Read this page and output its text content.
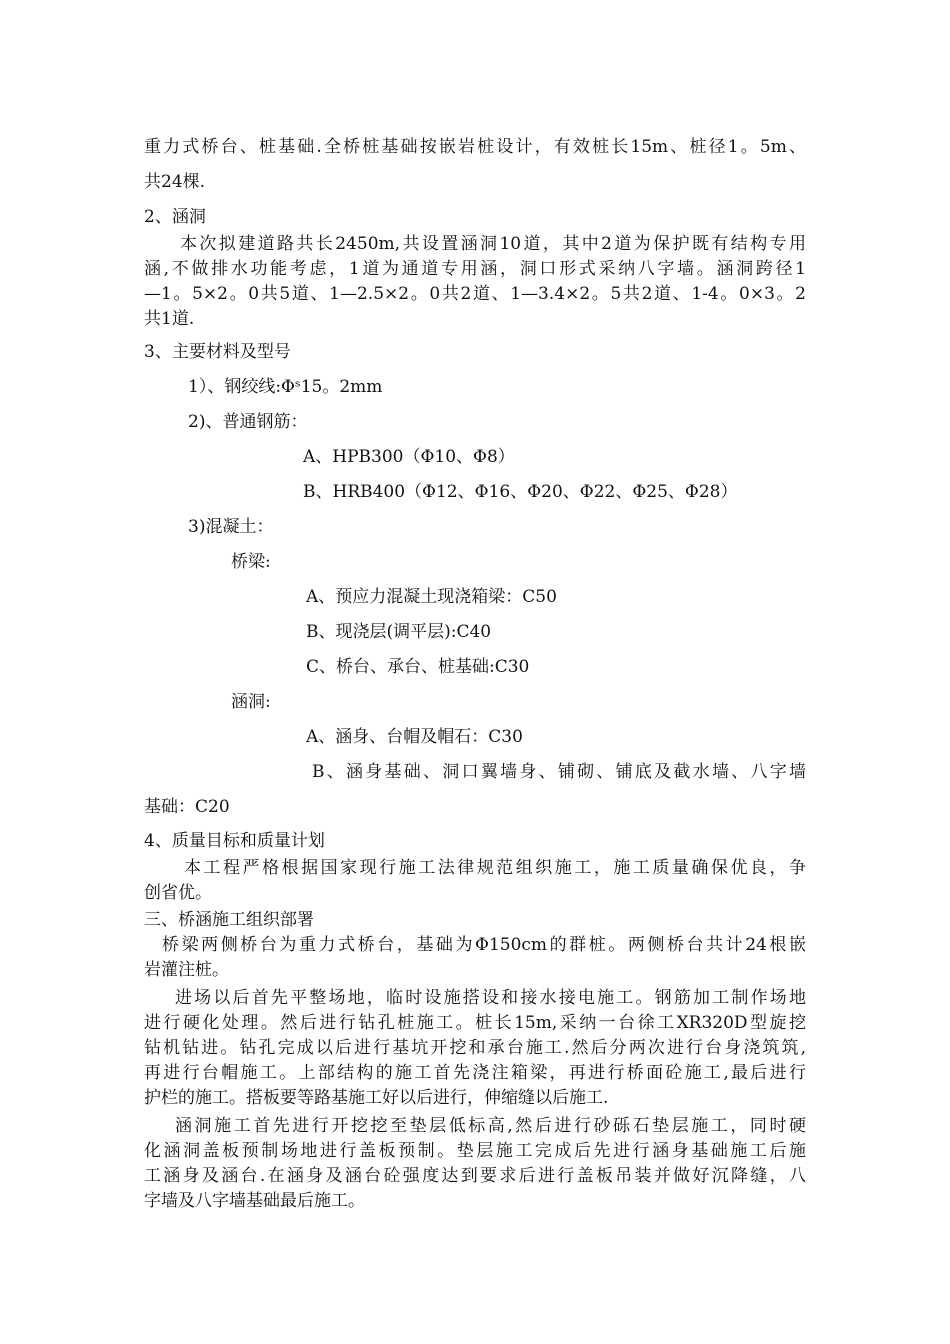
重力式桥台、桩基础.全桥桩基础按嵌岩桩设计，有效桩长15m、桩径1。5m、

共24棵.

2、涵洞

本次拟建道路共长2450m,共设置涵洞10道，其中2道为保护既有结构专用

涵,不做排水功能考虑，1道为通道专用涵，洞口形式采纳八字墙。涵洞跨径1

—1。5×2。0共5道、1—2.5×2。0共2道、1—3.4×2。5共2道、1-4。0×3。2

共1道.

3、主要材料及型号

1）、钢绞线:Φˢ15。2mm

2)、普通钢筋：

A、HPB300（Φ10、Φ8）

B、HRB400（Φ12、Φ16、Φ20、Φ22、Φ25、Φ28）

3)混凝土：

桥梁:

A、预应力混凝土现浇箱梁：C50

B、现浇层(调平层):C40

C、桥台、承台、桩基础:C30

涵洞:

A、涵身、台帽及帽石：C30

B、涵身基础、洞口翼墙身、铺砌、铺底及截水墙、八字墙

基础：C20

4、质量目标和质量计划

本工程严格根据国家现行施工法律规范组织施工，施工质量确保优良，争

创省优。

三、桥涵施工组织部署

桥梁两侧桥台为重力式桥台，基础为Φ150cm的群桩。两侧桥台共计24根嵌

岩灌注桩。

进场以后首先平整场地，临时设施搭设和接水接电施工。钢筋加工制作场地

进行硬化处理。然后进行钻孔桩施工。桩长15m,采纳一台徐工XR320D型旋挖

钻机钻进。钻孔完成以后进行基坑开挖和承台施工.然后分两次进行台身浇筑筑,

再进行台帽施工。上部结构的施工首先浇注箱梁，再进行桥面砼施工,最后进行

护栏的施工。搭板要等路基施工好以后进行，伸缩缝以后施工.

涵洞施工首先进行开挖挖至垫层低标高,然后进行砂砾石垫层施工，同时硬

化涵洞盖板预制场地进行盖板预制。垫层施工完成后先进行涵身基础施工后施

工涵身及涵台.在涵身及涵台砼强度达到要求后进行盖板吊装并做好沉降缝，八

字墙及八字墙基础最后施工。
